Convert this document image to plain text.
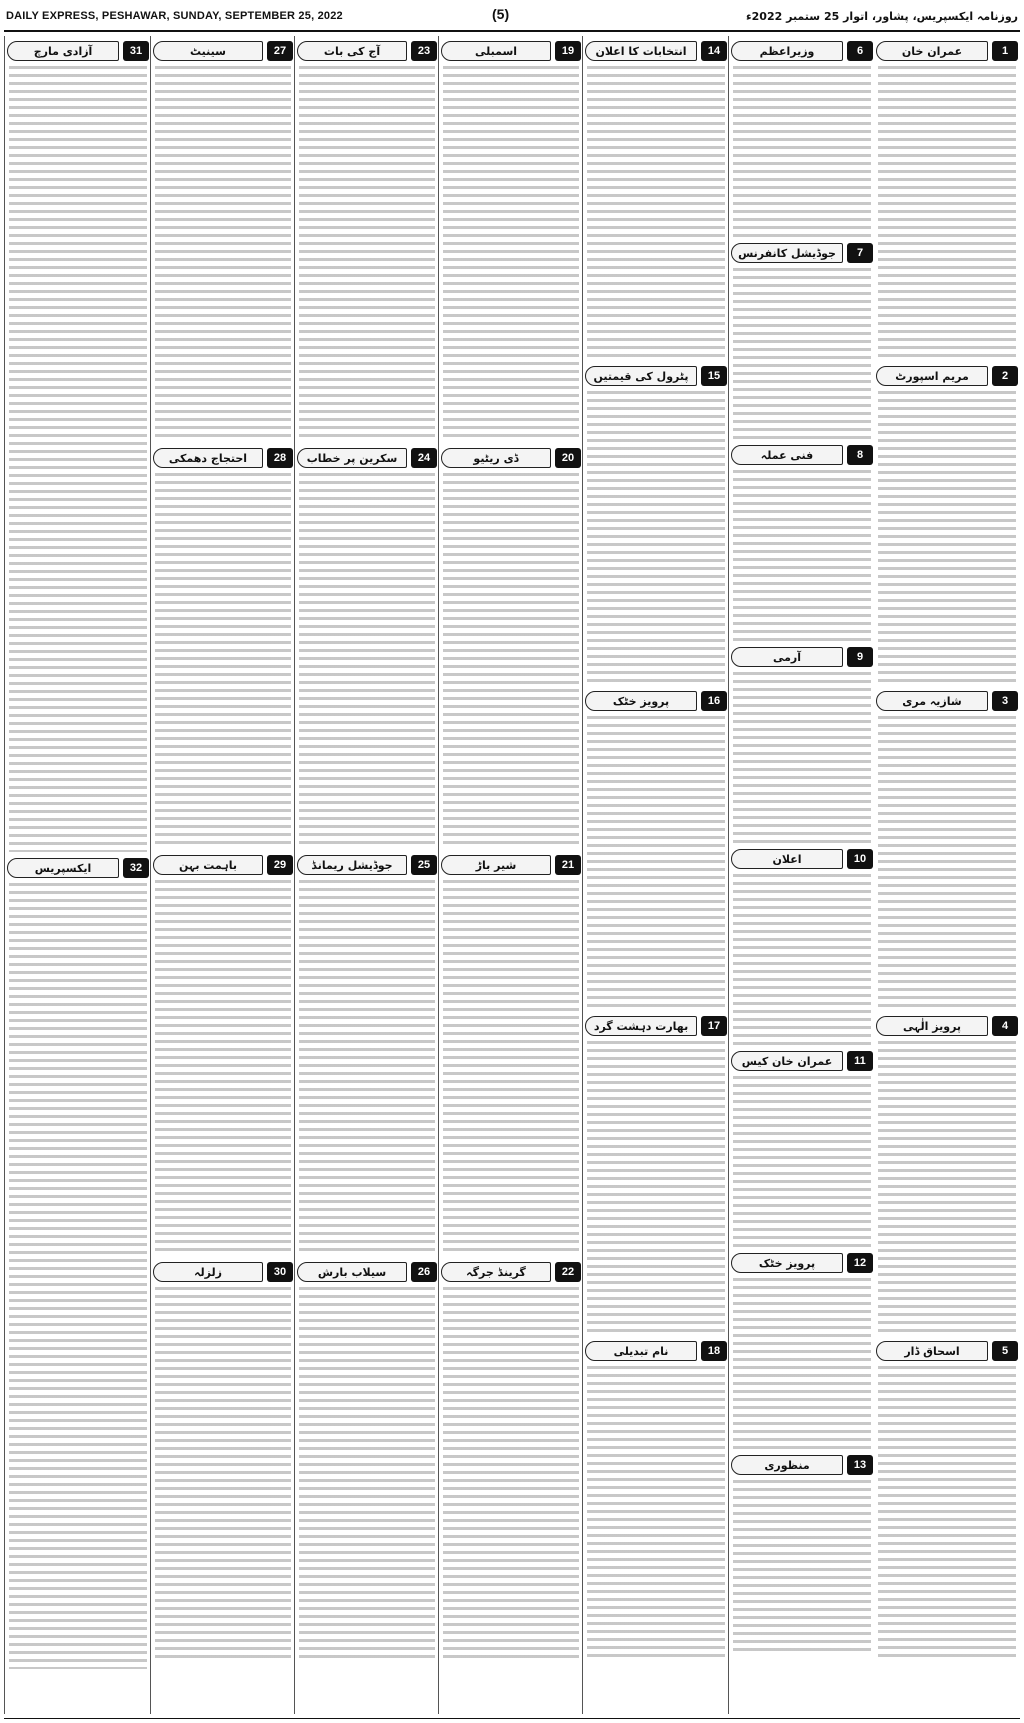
DAILY EXPRESS, PESHAWAR, SUNDAY, SEPTEMBER 25, 2022	(5)	روزنامہ ایکسپریس، پشاور، اتوار 25 ستمبر 2022ء
عمران خان	1
مریم اسپورٹ	2
شازیہ مری	3
پرویز الٰہی	4
اسحاق ڈار	5
وزیراعظم	6
جوڈیشل کانفرنس	7
فنی عملہ	8
آرمی	9
اعلان	10
عمران خان کیس	11
پرویز خٹک	12
منظوری	13
انتخابات کا اعلان	14
پٹرول کی قیمتیں	15
پرویز خٹک	16
بھارت دہشت گرد	17
نام تبدیلی	18
اسمبلی	19
ڈی ریٹیو	20
شیر باڑ	21
گرینڈ جرگہ	22
آج کی بات	23
سکرین پر خطاب	24
جوڈیشل ریمانڈ	25
سیلاب بارش	26
سینیٹ	27
احتجاج دھمکی	28
باہمت بہن	29
زلزلہ	30
آزادی مارچ	31
ایکسپریس	32
